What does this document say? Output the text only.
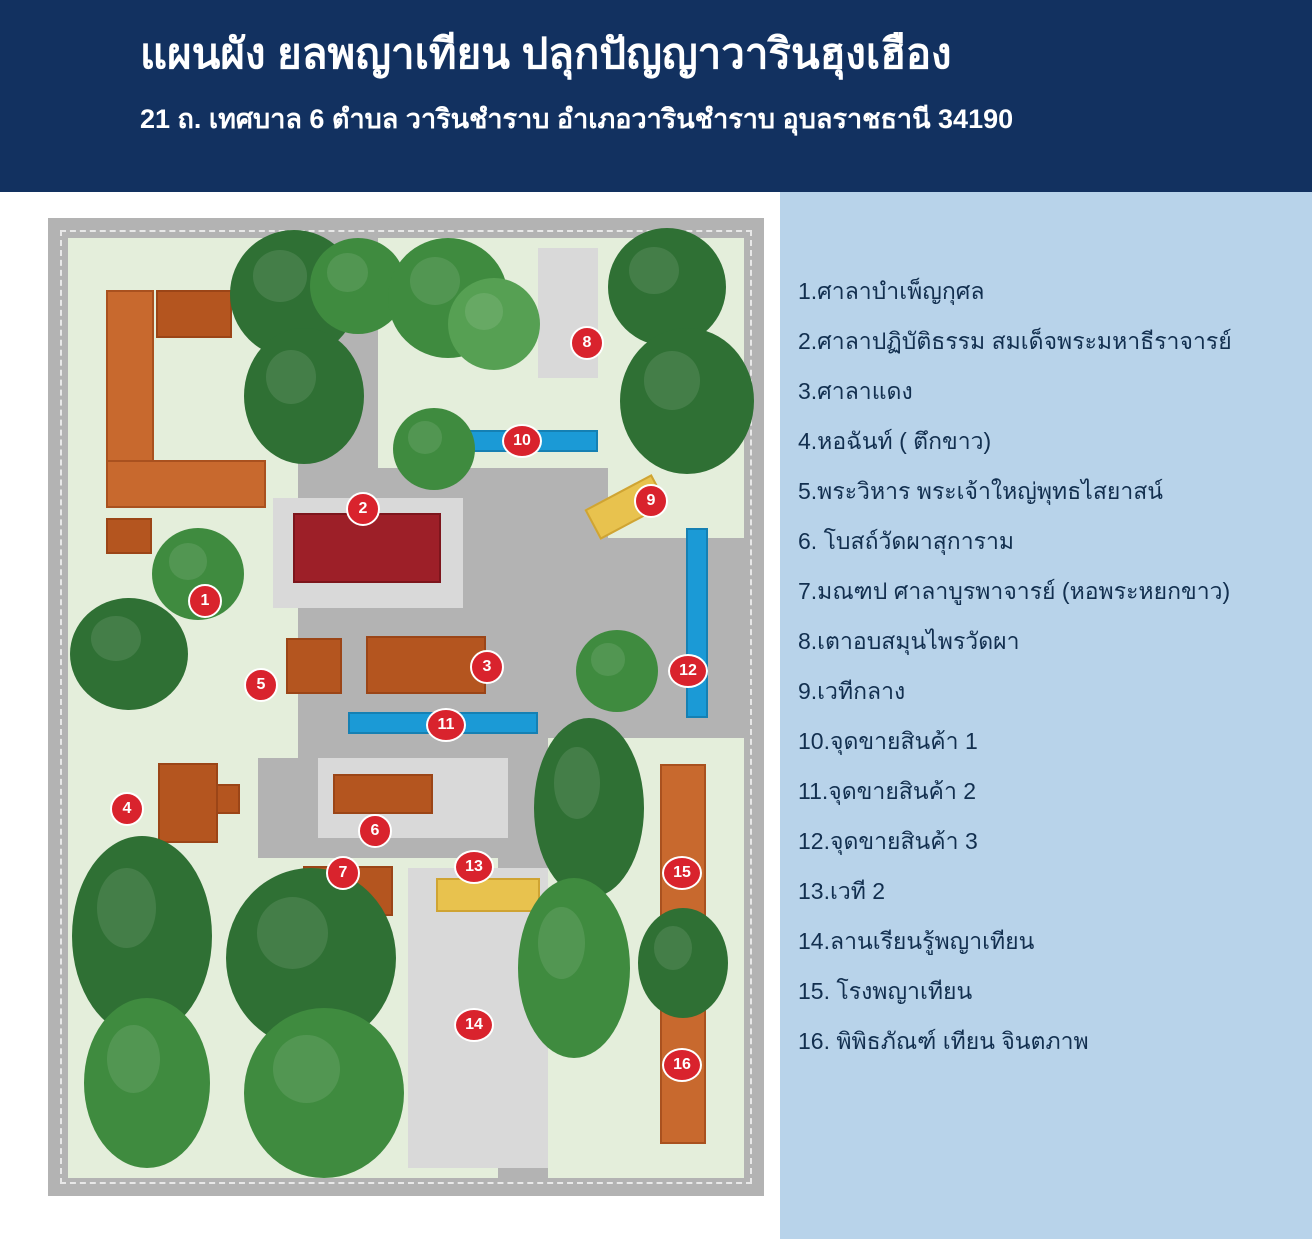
แผนผัง ยลพญาเทียน ปลุกปัญญาวารินฮุงเฮือง
21 ถ. เทศบาล 6 ตำบล วารินชำราบ อำเภอวารินชำราบ อุบลราชธานี 34190
1
2
3
4
5
6
7
8
9
10
11
12
13
14
15
16
1.ศาลาบำเพ็ญกุศล
2.ศาลาปฏิบัติธรรม สมเด็จพระมหาธีราจารย์
3.ศาลาแดง
4.หอฉันท์ ( ตึกขาว)
5.พระวิหาร พระเจ้าใหญ่พุทธไสยาสน์
6. โบสถ์วัดผาสุการาม
7.มณฑป ศาลาบูรพาจารย์ (หอพระหยกขาว)
8.เตาอบสมุนไพรวัดผา
9.เวทีกลาง
10.จุดขายสินค้า 1
11.จุดขายสินค้า 2
12.จุดขายสินค้า 3
13.เวที 2
14.ลานเรียนรู้พญาเทียน
15. โรงพญาเทียน
16. พิพิธภัณฑ์ เทียน จินตภาพ
